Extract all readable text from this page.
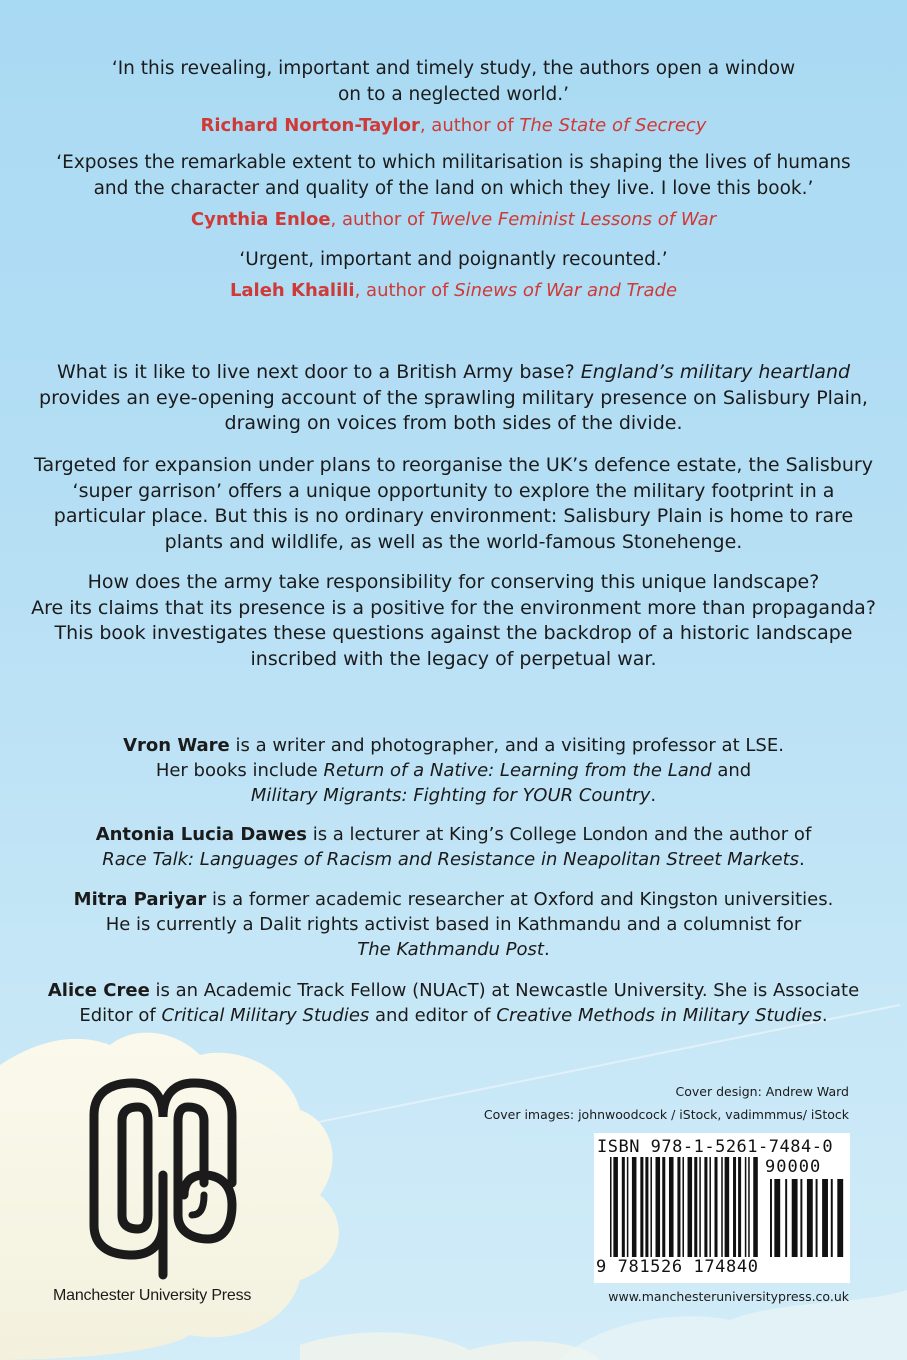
‘In this revealing, important and timely study, the authors open a window
on to a neglected world.’

Richard Norton-Taylor, author of The State of Secrecy

‘Exposes the remarkable extent to which militarisation is shaping the lives of humans
and the character and quality of the land on which they live. I love this book.’

Cynthia Enloe, author of Twelve Feminist Lessons of War

‘Urgent, important and poignantly recounted.’

Laleh Khalili, author of Sinews of War and Trade

What is it like to live next door to a British Army base? England’s military heartland
provides an eye-opening account of the sprawling military presence on Salisbury Plain,
drawing on voices from both sides of the divide.

Targeted for expansion under plans to reorganise the UK’s defence estate, the Salisbury
‘super garrison’ offers a unique opportunity to explore the military footprint in a
particular place. But this is no ordinary environment: Salisbury Plain is home to rare
plants and wildlife, as well as the world-famous Stonehenge.

How does the army take responsibility for conserving this unique landscape?
Are its claims that its presence is a positive for the environment more than propaganda?
This book investigates these questions against the backdrop of a historic landscape
inscribed with the legacy of perpetual war.

Vron Ware is a writer and photographer, and a visiting professor at LSE.
Her books include Return of a Native: Learning from the Land and
Military Migrants: Fighting for YOUR Country.

Antonia Lucia Dawes is a lecturer at King’s College London and the author of
Race Talk: Languages of Racism and Resistance in Neapolitan Street Markets.

Mitra Pariyar is a former academic researcher at Oxford and Kingston universities.
He is currently a Dalit rights activist based in Kathmandu and a columnist for
The Kathmandu Post.

Alice Cree is an Academic Track Fellow (NUAcT) at Newcastle University. She is Associate
Editor of Critical Military Studies and editor of Creative Methods in Military Studies.

Cover design: Andrew Ward
Cover images: johnwoodcock / iStock, vadimmmus/ iStock
Manchester University Press
ISBN 978-1-5261-7484-0
90000
9 781526 174840
www.manchesteruniversitypress.co.uk
